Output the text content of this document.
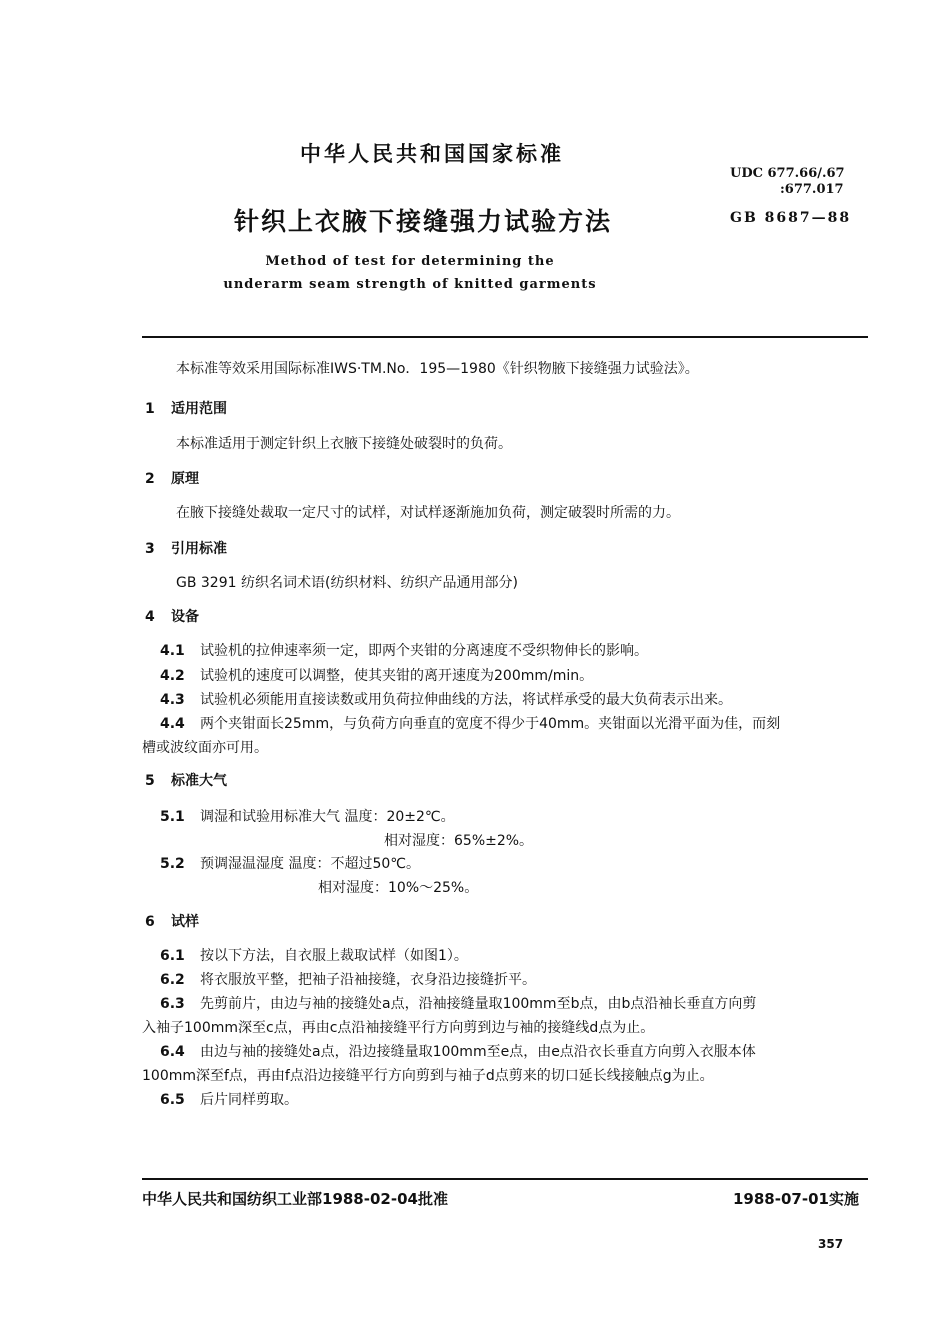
中华人民共和国国家标准
UDC 677.66/.67
:677.017
针织上衣腋下接缝强力试验方法	GB 8687—88
Method of test for determining the
underarm seam strength of knitted garments
本标准等效采用国际标准IWS·TM.No．195—1980《针织物腋下接缝强力试验法》。
1 适用范围
本标准适用于测定针织上衣腋下接缝处破裂时的负荷。
2 原理
在腋下接缝处裁取一定尺寸的试样，对试样逐渐施加负荷，测定破裂时所需的力。
3 引用标准
GB 3291 纺织名词术语(纺织材料、纺织产品通用部分)
4 设备
4.1 试验机的拉伸速率须一定，即两个夹钳的分离速度不受织物伸长的影响。
4.2 试验机的速度可以调整，使其夹钳的离开速度为200mm/min。
4.3 试验机必须能用直接读数或用负荷拉伸曲线的方法，将试样承受的最大负荷表示出来。
4.4 两个夹钳面长25mm，与负荷方向垂直的宽度不得少于40mm。夹钳面以光滑平面为佳，而刻
槽或波纹面亦可用。
5 标准大气
5.1 调湿和试验用标准大气 温度：20±2℃。
相对湿度：65%±2%。
5.2 预调湿温湿度 温度：不超过50℃。
相对湿度：10%～25%。
6 试样
6.1 按以下方法，自衣服上裁取试样（如图1）。
6.2 将衣服放平整，把袖子沿袖接缝，衣身沿边接缝折平。
6.3 先剪前片，由边与袖的接缝处a点，沿袖接缝量取100mm至b点，由b点沿袖长垂直方向剪
入袖子100mm深至c点，再由c点沿袖接缝平行方向剪到边与袖的接缝线d点为止。
6.4 由边与袖的接缝处a点，沿边接缝量取100mm至e点，由e点沿衣长垂直方向剪入衣服本体
100mm深至f点，再由f点沿边接缝平行方向剪到与袖子d点剪来的切口延长线接触点g为止。
6.5 后片同样剪取。
中华人民共和国纺织工业部1988-02-04批准	1988-07-01实施
357
